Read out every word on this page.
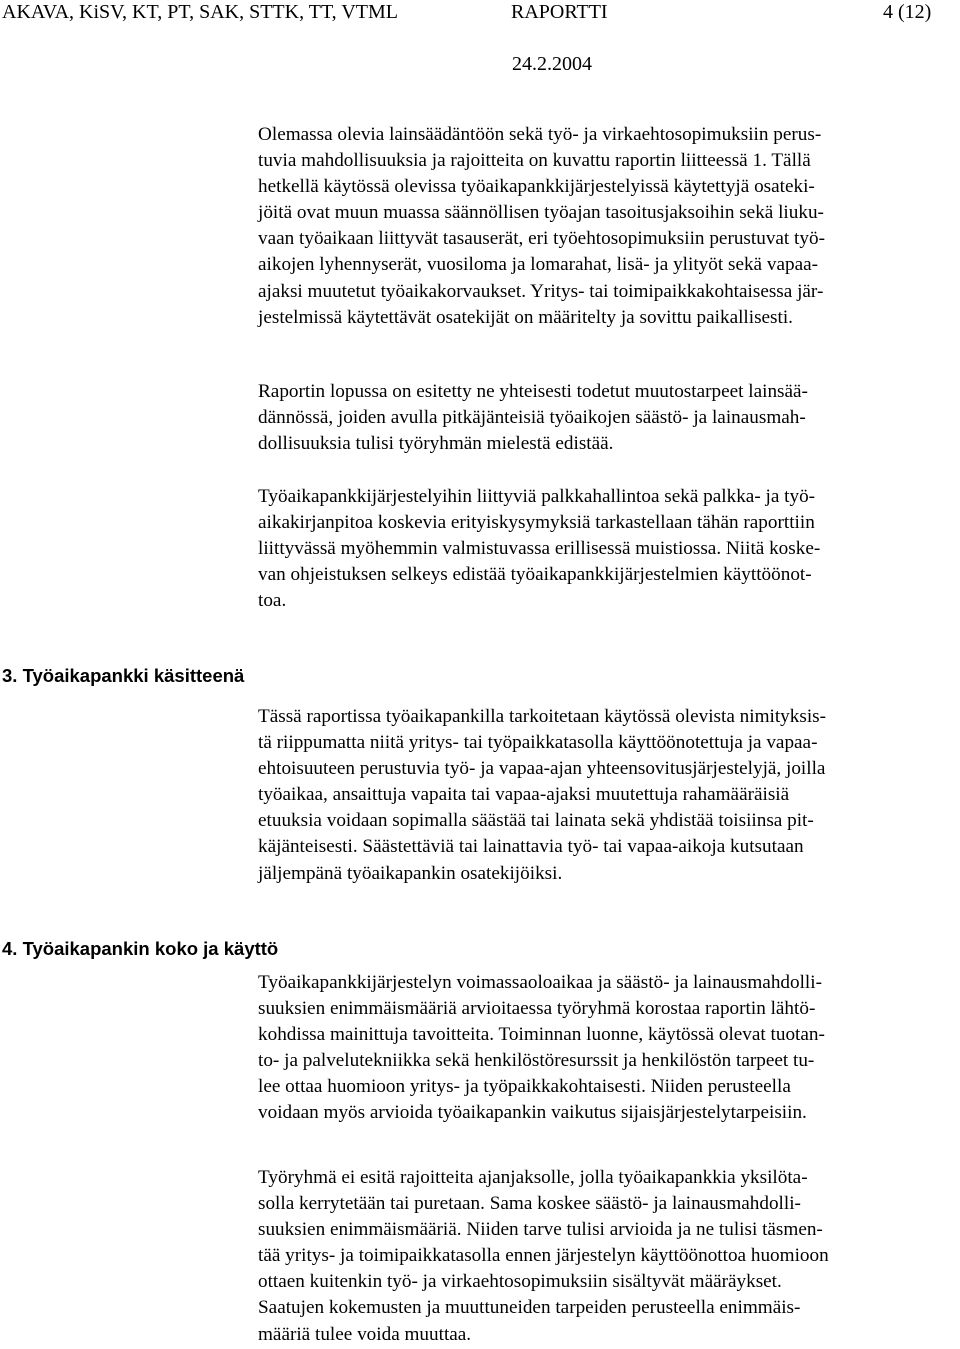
AKAVA, KiSV, KT, PT, SAK, STTK, TT, VTML	RAPORTTI	4 (12)
24.2.2004

Olemassa olevia lainsäädäntöön sekä työ- ja virkaehtosopimuksiin perus-
tuvia mahdollisuuksia ja rajoitteita on kuvattu raportin liitteessä 1. Tällä
hetkellä käytössä olevissa työaikapankkijärjestelyissä käytettyjä osateki-
jöitä ovat muun muassa säännöllisen työajan tasoitusjaksoihin sekä liuku-
vaan työaikaan liittyvät tasauserät, eri työehtosopimuksiin perustuvat työ-
aikojen lyhennyserät, vuosiloma ja lomarahat, lisä- ja ylityöt sekä vapaa-
ajaksi muutetut työaikakorvaukset. Yritys- tai toimipaikkakohtaisessa jär-
jestelmissä käytettävät osatekijät on määritelty ja sovittu paikallisesti.

Raportin lopussa on esitetty ne yhteisesti todetut muutostarpeet lainsää-
dännössä, joiden avulla pitkäjänteisiä työaikojen säästö- ja lainausmah-
dollisuuksia tulisi työryhmän mielestä edistää.

Työaikapankkijärjestelyihin liittyviä palkkahallintoa sekä palkka- ja työ-
aikakirjanpitoa koskevia erityiskysymyksiä tarkastellaan tähän raporttiin
liittyvässä myöhemmin valmistuvassa erillisessä muistiossa. Niitä koske-
van ohjeistuksen selkeys edistää työaikapankkijärjestelmien käyttöönot-
toa.

3. Työaikapankki käsitteenä

Tässä raportissa työaikapankilla tarkoitetaan käytössä olevista nimityksis-
tä riippumatta niitä yritys- tai työpaikkatasolla käyttöönotettuja ja vapaa-
ehtoisuuteen perustuvia työ- ja vapaa-ajan yhteensovitusjärjestelyjä, joilla
työaikaa, ansaittuja vapaita tai vapaa-ajaksi muutettuja rahamääräisiä
etuuksia voidaan sopimalla säästää tai lainata sekä yhdistää toisiinsa pit-
käjänteisesti. Säästettäviä tai lainattavia työ- tai vapaa-aikoja kutsutaan
jäljempänä työaikapankin osatekijöiksi.

4. Työaikapankin koko ja käyttö

Työaikapankkijärjestelyn voimassaoloaikaa ja säästö- ja lainausmahdolli-
suuksien enimmäismääriä arvioitaessa työryhmä korostaa raportin lähtö-
kohdissa mainittuja tavoitteita. Toiminnan luonne, käytössä olevat tuotan-
to- ja palvelutekniikka sekä henkilöstöresurssit ja henkilöstön tarpeet tu-
lee ottaa huomioon yritys- ja työpaikkakohtaisesti. Niiden perusteella
voidaan myös arvioida työaikapankin vaikutus sijaisjärjestelytarpeisiin.

Työryhmä ei esitä rajoitteita ajanjaksolle, jolla työaikapankkia yksilöta-
solla kerrytetään tai puretaan. Sama koskee säästö- ja lainausmahdolli-
suuksien enimmäismääriä. Niiden tarve tulisi arvioida ja ne tulisi täsmen-
tää yritys- ja toimipaikkatasolla ennen järjestelyn käyttöönottoa huomioon
ottaen kuitenkin työ- ja virkaehtosopimuksiin sisältyvät määräykset.
Saatujen kokemusten ja muuttuneiden tarpeiden perusteella enimmäis-
määriä tulee voida muuttaa.
